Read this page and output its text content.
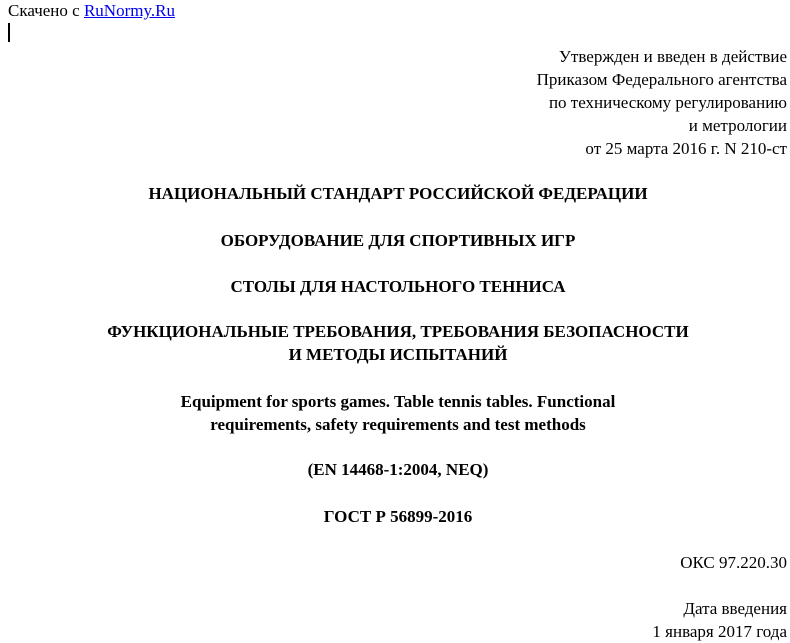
Скачено с RuNormy.Ru
Утвержден и введен в действие
Приказом Федерального агентства
по техническому регулированию
и метрологии
от 25 марта 2016 г. N 210-ст
НАЦИОНАЛЬНЫЙ СТАНДАРТ РОССИЙСКОЙ ФЕДЕРАЦИИ
ОБОРУДОВАНИЕ ДЛЯ СПОРТИВНЫХ ИГР
СТОЛЫ ДЛЯ НАСТОЛЬНОГО ТЕННИСА
ФУНКЦИОНАЛЬНЫЕ ТРЕБОВАНИЯ, ТРЕБОВАНИЯ БЕЗОПАСНОСТИ
И МЕТОДЫ ИСПЫТАНИЙ
Equipment for sports games. Table tennis tables. Functional
requirements, safety requirements and test methods
(EN 14468-1:2004, NEQ)
ГОСТ Р 56899-2016
ОКС 97.220.30
Дата введения
1 января 2017 года
